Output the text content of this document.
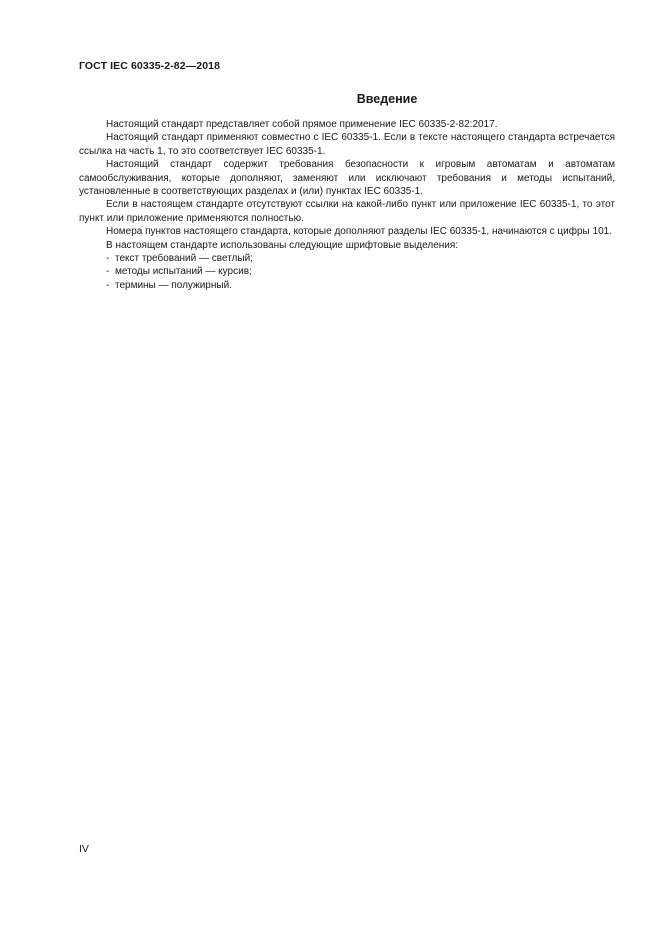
ГОСТ IEC 60335-2-82—2018
Введение

Настоящий стандарт представляет собой прямое применение IEC 60335-2-82:2017.

Настоящий стандарт применяют совместно с IEC 60335-1. Если в тексте настоящего стандарта встречается ссылка на часть 1, то это соответствует IEC 60335-1.

Настоящий стандарт содержит требования безопасности к игровым автоматам и автоматам самообслуживания, которые дополняют, заменяют или исключают требования и методы испытаний, установленные в соответствующих разделах и (или) пунктах IEC 60335-1.

Если в настоящем стандарте отсутствуют ссылки на какой-либо пункт или приложение IEC 60335-1, то этот пункт или приложение применяются полностью.

Номера пунктов настоящего стандарта, которые дополняют разделы IEC 60335-1, начинаются с цифры 101.

В настоящем стандарте использованы следующие шрифтовые выделения:

- текст требований — светлый;
- методы испытаний — курсив;
- термины — полужирный.
IV
